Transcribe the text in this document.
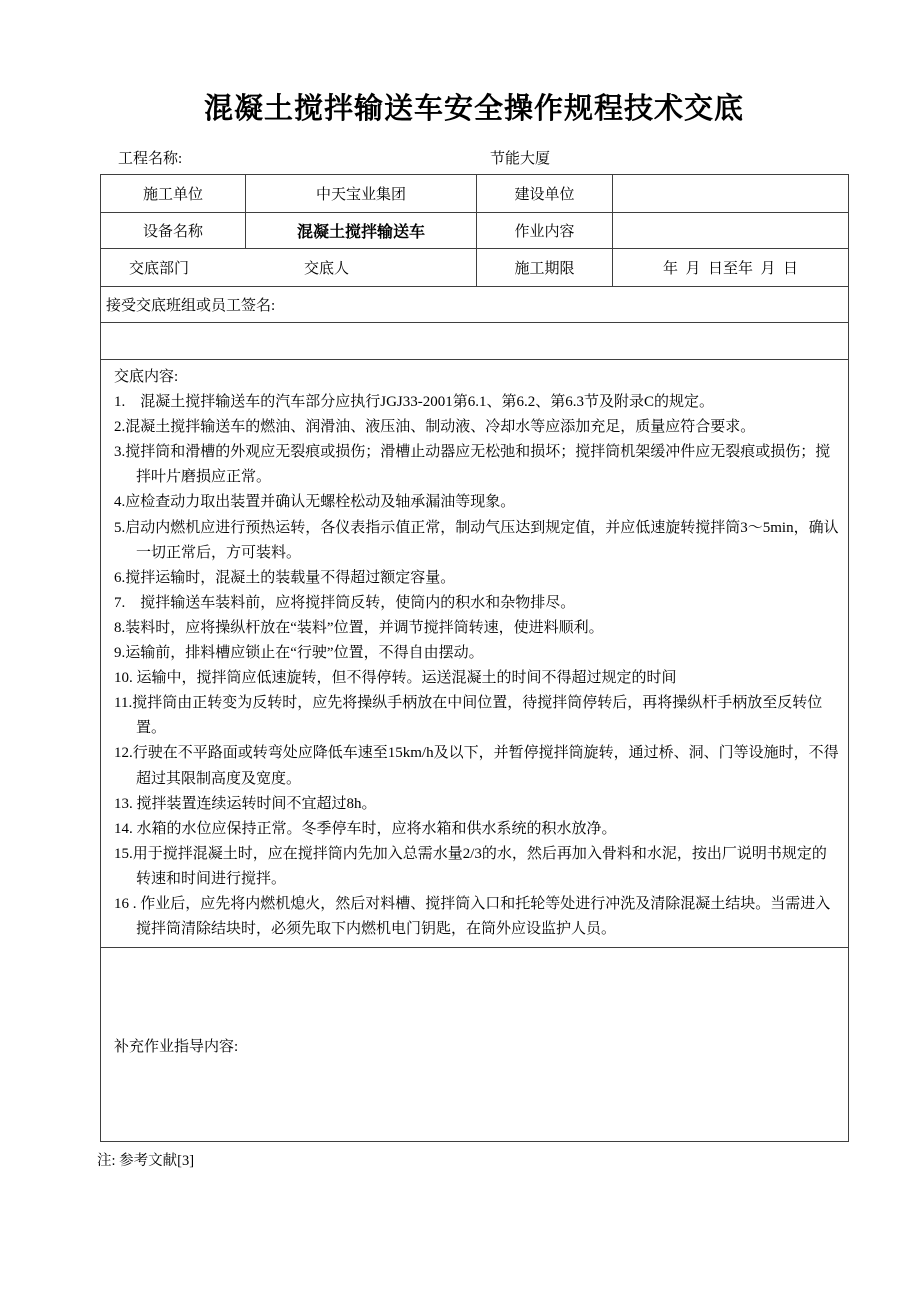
混凝土搅拌输送车安全操作规程技术交底
工程名称:	节能大厦
施工单位	中天宝业集团	建设单位	
设备名称	混凝土搅拌输送车	作业内容	

交底部门 交底人		施工期限	年  月  日至年  月  日

接受交底班组或员工签名:			

交底内容:
1.　混凝土搅拌输送车的汽车部分应执行JGJ33-2001第6.1、第6.2、第6.3节及附录C的规定。
2.混凝土搅拌输送车的燃油、润滑油、液压油、制动液、冷却水等应添加充足，质量应符合要求。
3.搅拌筒和滑槽的外观应无裂痕或损伤；滑槽止动器应无松弛和损坏；搅拌筒机架缓冲件应无裂痕或损伤；搅拌叶片磨损应正常。
4.应检查动力取出装置并确认无螺栓松动及轴承漏油等现象。
5.启动内燃机应进行预热运转，各仪表指示值正常，制动气压达到规定值，并应低速旋转搅拌筒3〜5min，确认一切正常后，方可装料。
6.搅拌运输时，混凝土的装载量不得超过额定容量。
7.　搅拌输送车装料前，应将搅拌筒反转，使筒内的积水和杂物排尽。
8.装料时，应将操纵杆放在“装料”位置，并调节搅拌筒转速，使进料顺利。
9.运输前，排料槽应锁止在“行驶”位置，不得自由摆动。
10. 运输中，搅拌筒应低速旋转，但不得停转。运送混凝土的时间不得超过规定的时间
11.搅拌筒由正转变为反转时，应先将操纵手柄放在中间位置，待搅拌筒停转后，再将操纵杆手柄放至反转位置。
12.行驶在不平路面或转弯处应降低车速至15km/h及以下，并暂停搅拌筒旋转，通过桥、洞、门等设施时，不得超过其限制高度及宽度。
13. 搅拌装置连续运转时间不宜超过8h。
14. 水箱的水位应保持正常。冬季停车时，应将水箱和供水系统的积水放净。
15.用于搅拌混凝土时，应在搅拌筒内先加入总需水量2/3的水，然后再加入骨料和水泥，按出厂说明书规定的转速和时间进行搅拌。
16 . 作业后，应先将内燃机熄火，然后对料槽、搅拌筒入口和托轮等处进行冲洗及清除混凝土结块。当需进入 搅拌筒清除结块时，必须先取下内燃机电门钥匙，在筒外应设监护人员。

补充作业指导内容:			
注: 参考文献[3]
